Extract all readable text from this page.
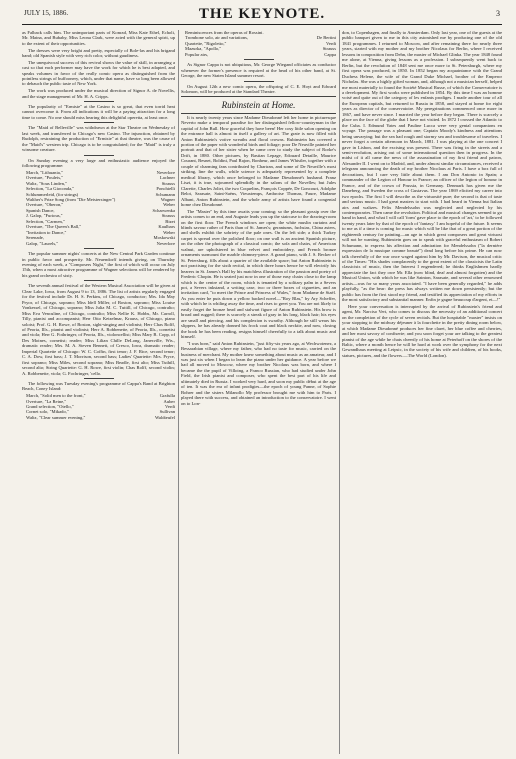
JULY 15, 1886.	THE KEYNOTE.	3

as Falback calls him. The unimportant parts of Konrad, Miss Kate Ethel, Echoli, Mr. Maina, and Bubaby, Miss Leona Clark, were acted with the general spirit, up to the extent of their opportunities.

The dresses were very bright and pretty, especially of Bole-las and his brigand band; old Spanish style with very rich color, without gaudiness.

The unequivocal success of this revival shows the value of skill, in arranging a cast so that each performer may have the work for which he is best adapted, and speaks volumes in favor of the really comic opera as distinguished from the pointless strings of buffoonery, which, under that name, have so long been allowed to debauch the public taste of New York.

The work was produced under the musical direction of Signor A. de Novellis, and the stage management of Mr. H. A. Cripps.

The popularity of "Ermisie" at the Casino is so great, that even torrid heat cannot overcome it. From all indications it will be a paying attraction for a long time to come. No one should miss hearing this delightful operetta, at least once.

The "Maid of Belleville" was withdrawn at the Star Theatre on Wednesday of last week, and transferred to Chicago's new Casino. The injunction, obtained by Rudolph, restraining the production of "Ermisie" at that theatre, was the cause of the "Maid's" western trip. Chicago is to be congratulated; for the "Maid" is truly a winsome creature.

On Sunday evening a very large and enthusiastic audience enjoyed the following programme:

March, "Lithuania,"	Neverlore
Overture, "Pouleis,"	Lachner
Waltz, "Sous Linden,"	Strauss
Selection, "La Gioconda,"	Ponchielli
Schlummerleid, (for strings)	Schumann
Walther's Prize Song (from "Die Meistersinger")	Wagner
Overture, "Oberon,"	Weber
Spanish Dance,	Scharwenka
J. Galop, "Furious,"	Strauss
Selection, "Carmen,"	Bizet
Overture, "The Queen's Ball,"	Kaulbars
"Invitation to Dance,"	Weber
Serenade,	Moskowski
Galop, "Laurels,"	Neverlore

The popular summer nights' concerts at the New Central Park Garden continue in public favor and prosperity. Mr. Neuendorff intends giving, on Thursday evening of each week, a "Composers Night," the first of which will occur on July 15th, when a most attractive programme of Wagner selections will be rendered by his grand orchestra of sixty.

The seventh annual festival of the Western Musical Association will be given at Clear Lake, Iowa, from August 9 to 13, 1886. The list of artists regularly engaged for the festival include Dr. H. S. Perkins, of Chicago, conductor; Mrs. Ida May Pryor, of Chicago, soprano; Miss Idell Miller, of Boston, soprano; Miss Louise Vonkessel, of Chicago, soprano; Miss Julia M. C. Tuttill, of Chicago, contralto; Miss Eva Venculine, of Chicago, contralto; Miss Nellie K. Hobbs, Mr. Carroll, Tilly, pianist and accompanist; Herr Otto Ketzelmar, Krauss, of Chicago, piano soloist; Prof. G. H. Rowe, of Boston, sight-singing and violinist; Herr Chas Rolff, of Peoria, Ills., pianist and violinist; Herr A. Robbenette, of Peoria, Ills., cornetist and viola; Herr G. Fothringer, of Peoria, Ills., violoncellist; Miss Mary B. Copp, of Des Moines, cornetist; reader; Miss Lilian Chille DeLong, Janesville, Wis., dramatic reader; Mrs. M. A. Steven Bennett, of Cresco, Iowa, dramatic reader; Imperial Quartette of Chicago: W. C. Coffin, first tenor; J. F. Rice, second tenor; C. A. Dow, first bass; J. T. Morrison, second bass; Ladies' Quartette: Mrs. Pryce, first soprano; Miss Miles, second soprano; Miss Beadle, first alto; Miss Tuthill, second alto; String Quartette: G. H. Rowe, first violin; Chas Rolff, second violin; A. Robbenette, viola; G. Fochringer, 'cello.

The following was Tuesday evening's programme of Cappa's Band at Brighton Beach, Coney Island:

March, "Solid men to the front,"	Grafulla
Overture, "La Reine,"	Auber
Grand selection, "Otello,"	Verdi
Cornet solo, "Mikado,"	Sullivan
Waltz, "Clear summer evening,"	Waldteufel
Reminiscences from the operas of Rossini.
Trombone solo, air and variations,	De Bertini
Quartette, "Rigoletto,"	Verdi
Mazurka, "Apollo,"	Strauss
Popular airs,	Cappa

As Signor Cappa is not ubiquitous, Mr. George Wiegand officiates as conductor whenever the former's presence is required at the head of his other band, at St. George, the new Staten Island summer resort.

On August 12th a new comic opera, the offspring of C. E. Hoyt and Edward Solomon, will be produced at the Standard Theatre.

Rubinstein at Home.

It is nearly twenty years since Madame Dieudonné left her home in picturesque Neverto make a temporal paradise for her distinguished fellow-countryman in the capital of John Bull. How graceful they have been! Her cosy little salon opening on the entrance hall is almost in itself a gallery of art. The grate is now filled with Anton Rubinstein's votive wreaths and floral crowns. Rubinstein has covered a portion of the paper with wonderful birds and foliage; poor De Neuville painted her portrait and that of her sister when he came over to study the subject of Rorke's Drift, in 1880. Other pictures, by Bastian Lepage, Edouard Detaille, Maurice Courant, Besnet, Boldini, Paul Rajon, Bonheur, and James Whistler, together with a couple of charming fans contributed by Chartran, and some of De Neuville's most striking, line the walls, while science is adequately represented by a complete medical library, which once belonged to Madame Dieudonné's husband. Franz Liszt, it is true, sojourned splendidly in the salons of the Novelles; but Jules Claretie, Charles Joliet, the two Coquelins, François Coppée, De Goncourt, Adolphe Belot, Sarasate, Saint-Saëns, Vieuxtemps, Ambroise Thomas, Faure, Madame Albani, Anton Rubinstein, and the whole army of artists have found a congenial home chez Dieudonné.

The "Master" by this time awaits your coming; so the pleasant gossip over the artists comes to an end, and Auguste leads you up the staircase to the drawing-room on the first floor. The French windows are open; the white muslin curtains and blinds savour rather of Paris than of St. James's; geraniums, fuchsias, China asters, and shells exhibit the sobriety of the pale ones. On the left side; a thick Turkey carpet is spread over the polished floor; on one wall is an ancient Spanish picture, on the other the photograph of a classical comic; the sofa and chairs, of American walnut, are upholstered in blue velvet and embroidery, and French bronze ornaments surmount the marble chimney-piece. A grand piano, with J. S. Becker of St. Petersburg, fills about a quarter of the available space; but Anton Rubinstein is not practising for the sixth recital, in which three hours hence he will electrify his hearers in St. James's Hall by his matchless illustration of the passion and poetry of Frederic Chopin. He is seated just now in one of those easy chairs close to the lamp which is the centre of the room, which is tenanted by a solitary palm in a Severs pot, a Severs inkstand, a writing case, two or three boxes of cigarettes, and an invitation card, "to meet the Prince and Princess of Wales," from Madame de Staël. As you enter he puts down a yellow backed novel—"Roy Blas," by Ary Scheffer, with which he is whiling away the time, and rises to greet you. You are not likely to easily forget the bronze head and stalwart figure of Anton Rubinstein. His brow is broad and rugged; there is scarcely a streak of gray in his long, black hair; his eyes are small and piercing, and his complexion is swarthy. Although he still wears his slippers, he has already donned his frock coat and black necktie, and now, closing the book he has been reading, resigns himself cheerfully to a talk about music and himself.

"I was born," said Anton Rubinstein, "just fifty-six years ago, at Wechwotenez, a Bessarabian village, where my father, who had no taste for music, carried on the business of merchant. My mother knew something about music as an amateur, and I was just six when I began to learn the piano under her guidance. A year before we had all moved to Moscow, where my brother Nicolaus was born, and where I became the the pupil of Villoing, a Franco Russian, who had studied under John Field, the Irish pianist and composer, who spent the best part of his life and ultimately died in Russia. I worked very hard, and soon my public début at the age of ten. It was the era of infant prodigies—the epoch of young Panne, of Sophie Bohrer and the sisters Milanollo My professor brought me with him to Paris. I played there with success, and obtained an introduction to the conservatoire. I went on to Lon-

don, to Copenhagen, and finally to Amsterdam. Only last year, one of the guests at the public banquet given to me in this city astonished me by producing one of the old 1841 programmes. I returned to Moscow, and after remaining there for nearly three years, started with my mother and my brother Nicolaus for Berlin, where I received lessons in composition from Dehn, the master of Michael Glinka. The year 1848 found me alone, at Vienna, giving lessons as a profession. I subsequently went back to Berlin, but the revolution of 1848 sent me once more to St. Petersburgh, where my first opera was produced, in 1850. In 1852 began my acquaintance with the Grand Duchess Helene, the wife of the Grand Duke Michael, brother of the Emperor Nicholas. She was a highly gifted woman, and, although not a musician herself, helped me most materially to found the Société Musical Russe, of which the Conservatoire is a development. My first works were published in 1854. By this time I was an homme voisé and quite out of the category of les enfants prodiges. I made another tour of all the European capitals, but returned to Russia in 1858, and stayed at home for eight years as director of the conservatoire. My peregrinations commenced once more in 1867, and have never since. I married the year before they began. There is scarcely a place on the face of the globe that I have not visited. In 1872 I crossed the Atlantic to the Cuba. I. Edmund Yates and Pauline Lucca were very genial companions en voyage. The passage was a pleasant one; Captain Moody's kindness and attentions being unvarying; but the sea had rough and stormy sea and troublesome of travelers. I never forget a certain afternoon in March, 1881. I was playing at the one concert I gave in Lisbon, and the excising was present. There was firing in the streets and a semi-revolution, arising out of some international question then in progress. In the midst of it all came the news of the assassination of my first friend and patron, Alexander II. I went on to Madrid, and, under almost similar circumstances, received a telegram announcing the death of my brother Nicolaus at Paris. I have a box full of decorations, but I care very little about them. I am Don Antonio in Spain; a commander of the Legion of Honour in France; an officer of the legion of honour in France, and of the crown of Prussia, in Germany. Denmark has given me the Daneberg, and Sweden the cross of Gustavus. The year 1869 elicited my career into two epochs. The first I will describe as the virtuosité pure; the second is that of taste and serious music. I had great masters to start with. I had heard in Vienna but Italian airs and waltzes. Felix Mendelssohn was neglected and neglected by his contemporaries. Then came the revolution. Political and musical changes seemed to go hand in hand, and what I will call 'form' gave place to the epoch of 'art,' to be followed twenty years later by that of the epoch of 'fantasy.' I am hopeful of the future. It seems to me as if a time is coming for music which will be like that of a great portion of the eighteenth century for painting—an age in which great composers and great virtuosi will not be wanting. Rubinstein goes on to speak with graceful enthusiasm of Robert Schumann, to express his affection and admiration for Mendelssohn ("la dernière expression de la musique comme beauté") dead long before his prime. He can now talk cheerfully of the war once waged against him by Mr. Davison, the musical critic of the Times: "His shades complacently to the great extent of the classicists the Latin classicists of music, then the Interest I engendered; he thinks Englishmen hardly appreciate the fact they owe Mr. Ella (now blind, deaf and almost forgotten) and the Musical Union, with which he was like Sainton, Sarasate, and several other renowned artists—was for so many years associated. "I have been generally regarded," he adds playfully, "as the bear: the press has always written me down persistently; but the public has from the first stood my friend, and testified its appreciation of my efforts in the most satisfactory and substantial manner. Enfin je gagne beaucoup d'argent, et—!"

Here your conversation is interrupted by the arrival of Rubinstein's friend and agent, Mr. Narciso Vert, who comes to discuss the necessity of an additional concert on the completion of the cycle of seven recitals. But the hospitable "master" insists on your stopping to the midway déjeuner à la fourchette in the pretty dining room below, at which Madame Dieudonné produces her fine claret, her blue coffee and cherries, and her most savory of confiserie; and you soon forget your are talking to the greatest pianist of the age while he chats cheerily of his home at Peterhoff on the shores of the Baltic, where a month hence he will be hard at work over the symphony for the next Gewandhaus meeting at Leipsic, in the society of his wife and children, of his books, statues, pictures, and the flowers.—The World (London).
